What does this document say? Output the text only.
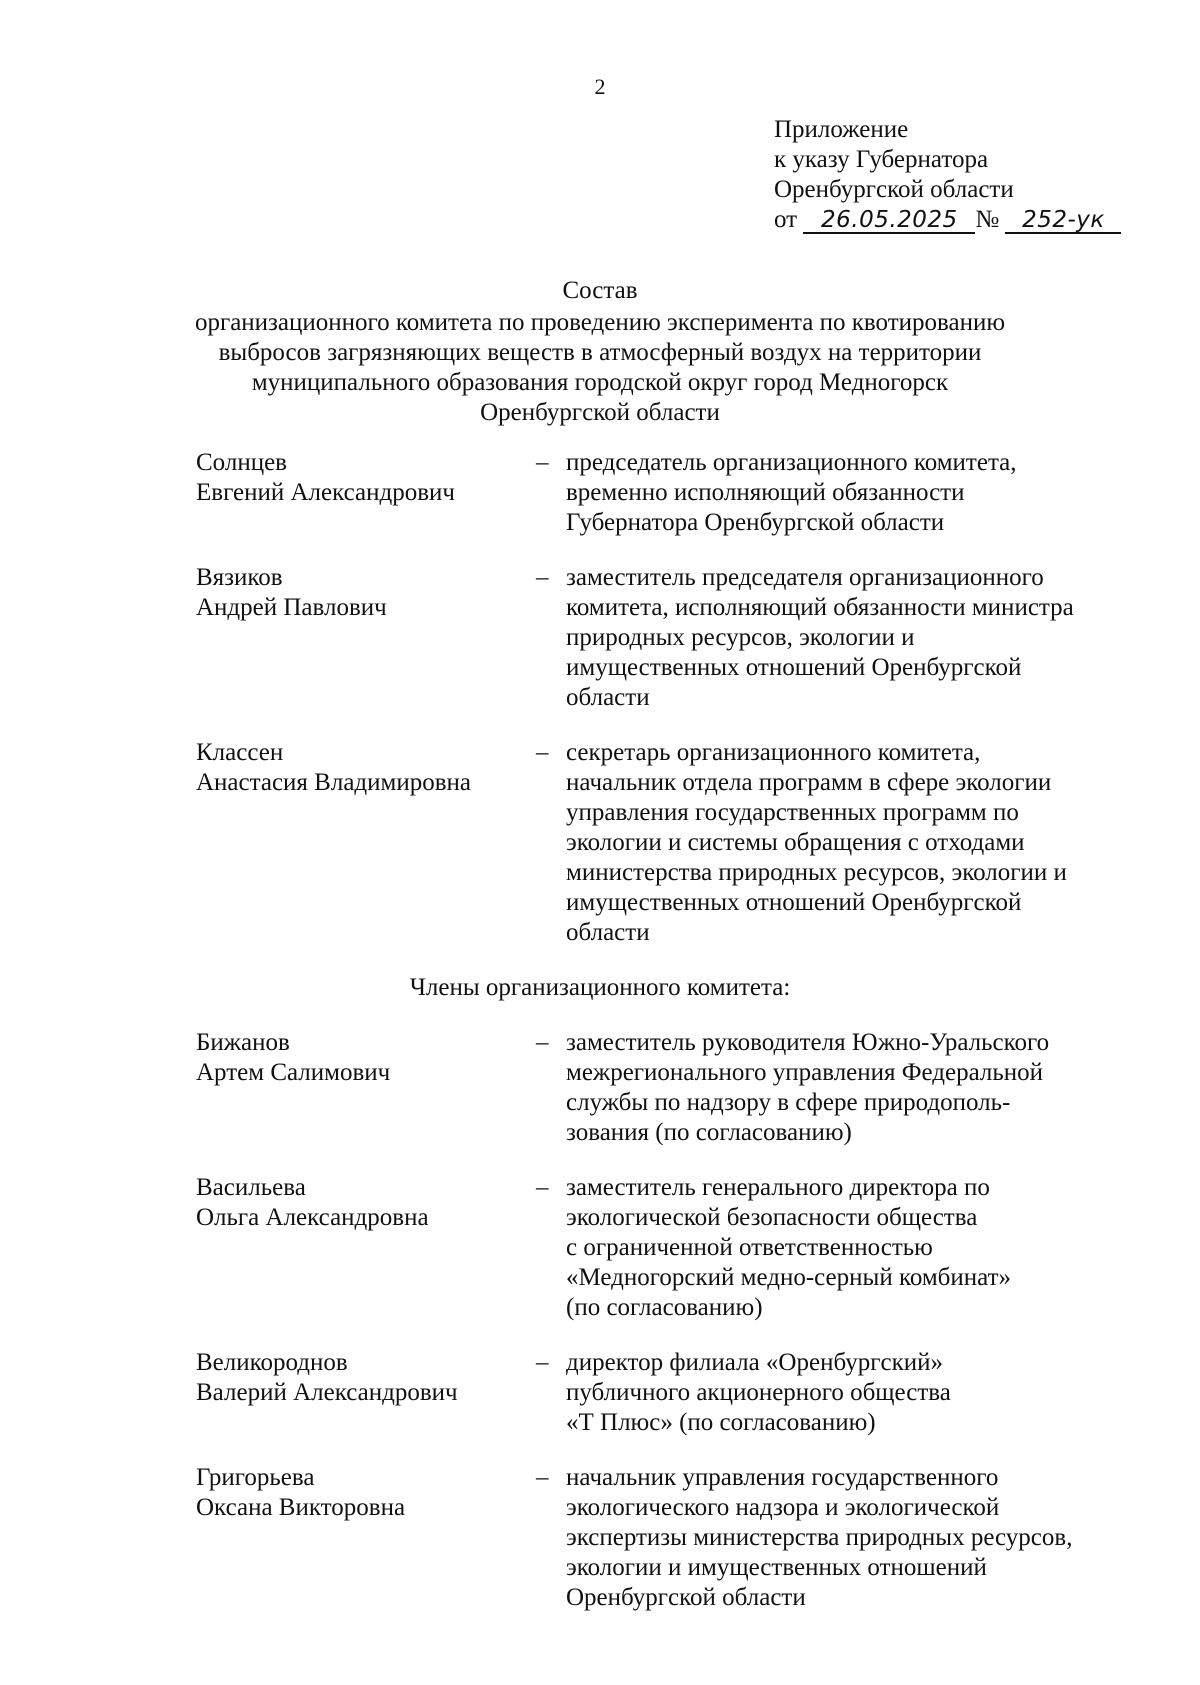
2
Приложение
к указу Губернатора
Оренбургской области
от 26.05.2025 № 252-ук
Состав
организационного комитета по проведению эксперимента по квотированию
выбросов загрязняющих веществ в атмосферный воздух на территории
муниципального образования городской округ город Медногорск
Оренбургской области
Солнцев
Евгений Александрович
– председатель организационного комитета,
временно исполняющий обязанности
Губернатора Оренбургской области
Вязиков
Андрей Павлович
– заместитель председателя организационного
комитета, исполняющий обязанности министра
природных ресурсов, экологии и
имущественных отношений Оренбургской
области
Классен
Анастасия Владимировна
– секретарь организационного комитета,
начальник отдела программ в сфере экологии
управления государственных программ по
экологии и системы обращения с отходами
министерства природных ресурсов, экологии и
имущественных отношений Оренбургской
области
Члены организационного комитета:
Бижанов
Артем Салимович
– заместитель руководителя Южно-Уральского
межрегионального управления Федеральной
службы по надзору в сфере природополь-
зования (по согласованию)
Васильева
Ольга Александровна
– заместитель генерального директора по
экологической безопасности общества
с ограниченной ответственностью
«Медногорский медно-серный комбинат»
(по согласованию)
Великороднов
Валерий Александрович
– директор филиала «Оренбургский»
публичного акционерного общества
«Т Плюс» (по согласованию)
Григорьева
Оксана Викторовна
– начальник управления государственного
экологического надзора и экологической
экспертизы министерства природных ресурсов,
экологии и имущественных отношений
Оренбургской области
